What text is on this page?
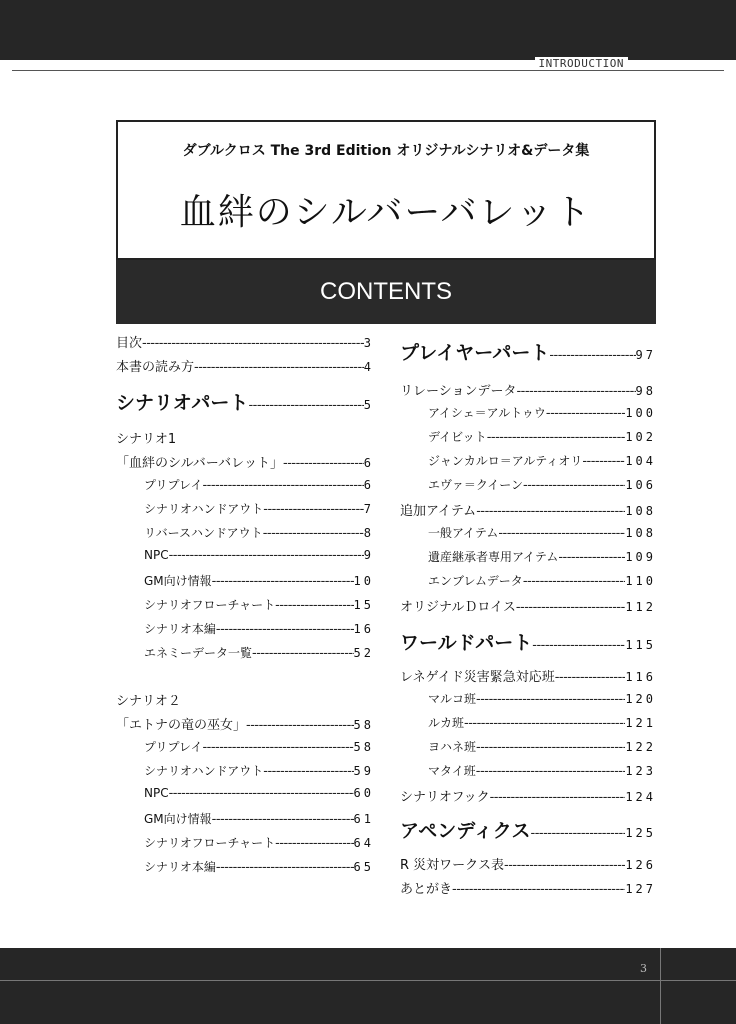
INTRODUCTION
ダブルクロス The 3rd Edition オリジナルシナリオ&データ集
血絆のシルバーバレット
CONTENTS
目次 -----	3
本書の読み方 -----	4
シナリオパート -----	5
シナリオ1
「血絆のシルバーバレット」 -----	6
プリプレイ -----	6
シナリオハンドアウト -----	7
リバースハンドアウト -----	8
NPC -----	9
GM向け情報 -----	10
シナリオフローチャート -----	15
シナリオ本編 -----	16
エネミーデータ一覧 -----	52
シナリオ２
「エトナの竜の巫女」 -----	58
プリプレイ -----	58
シナリオハンドアウト -----	59
NPC -----	60
GM向け情報 -----	61
シナリオフローチャート -----	64
シナリオ本編 -----	65
プレイヤーパート -----	97
リレーションデータ -----	98
アイシェ＝アルトゥウ -----	100
デイビット -----	102
ジャンカルロ＝アルティオリ -----	104
エヴァ＝クイーン -----	106
追加アイテム -----	108
一般アイテム -----	108
遺産継承者専用アイテム -----	109
エンブレムデータ -----	110
オリジナルＤロイス -----	112
ワールドパート -----	115
レネゲイド災害緊急対応班 -----	116
マルコ班 -----	120
ルカ班 -----	121
ヨハネ班 -----	122
マタイ班 -----	123
シナリオフック -----	124
アペンディクス -----	125
R 災対ワークス表 -----	126
あとがき -----	127
3
